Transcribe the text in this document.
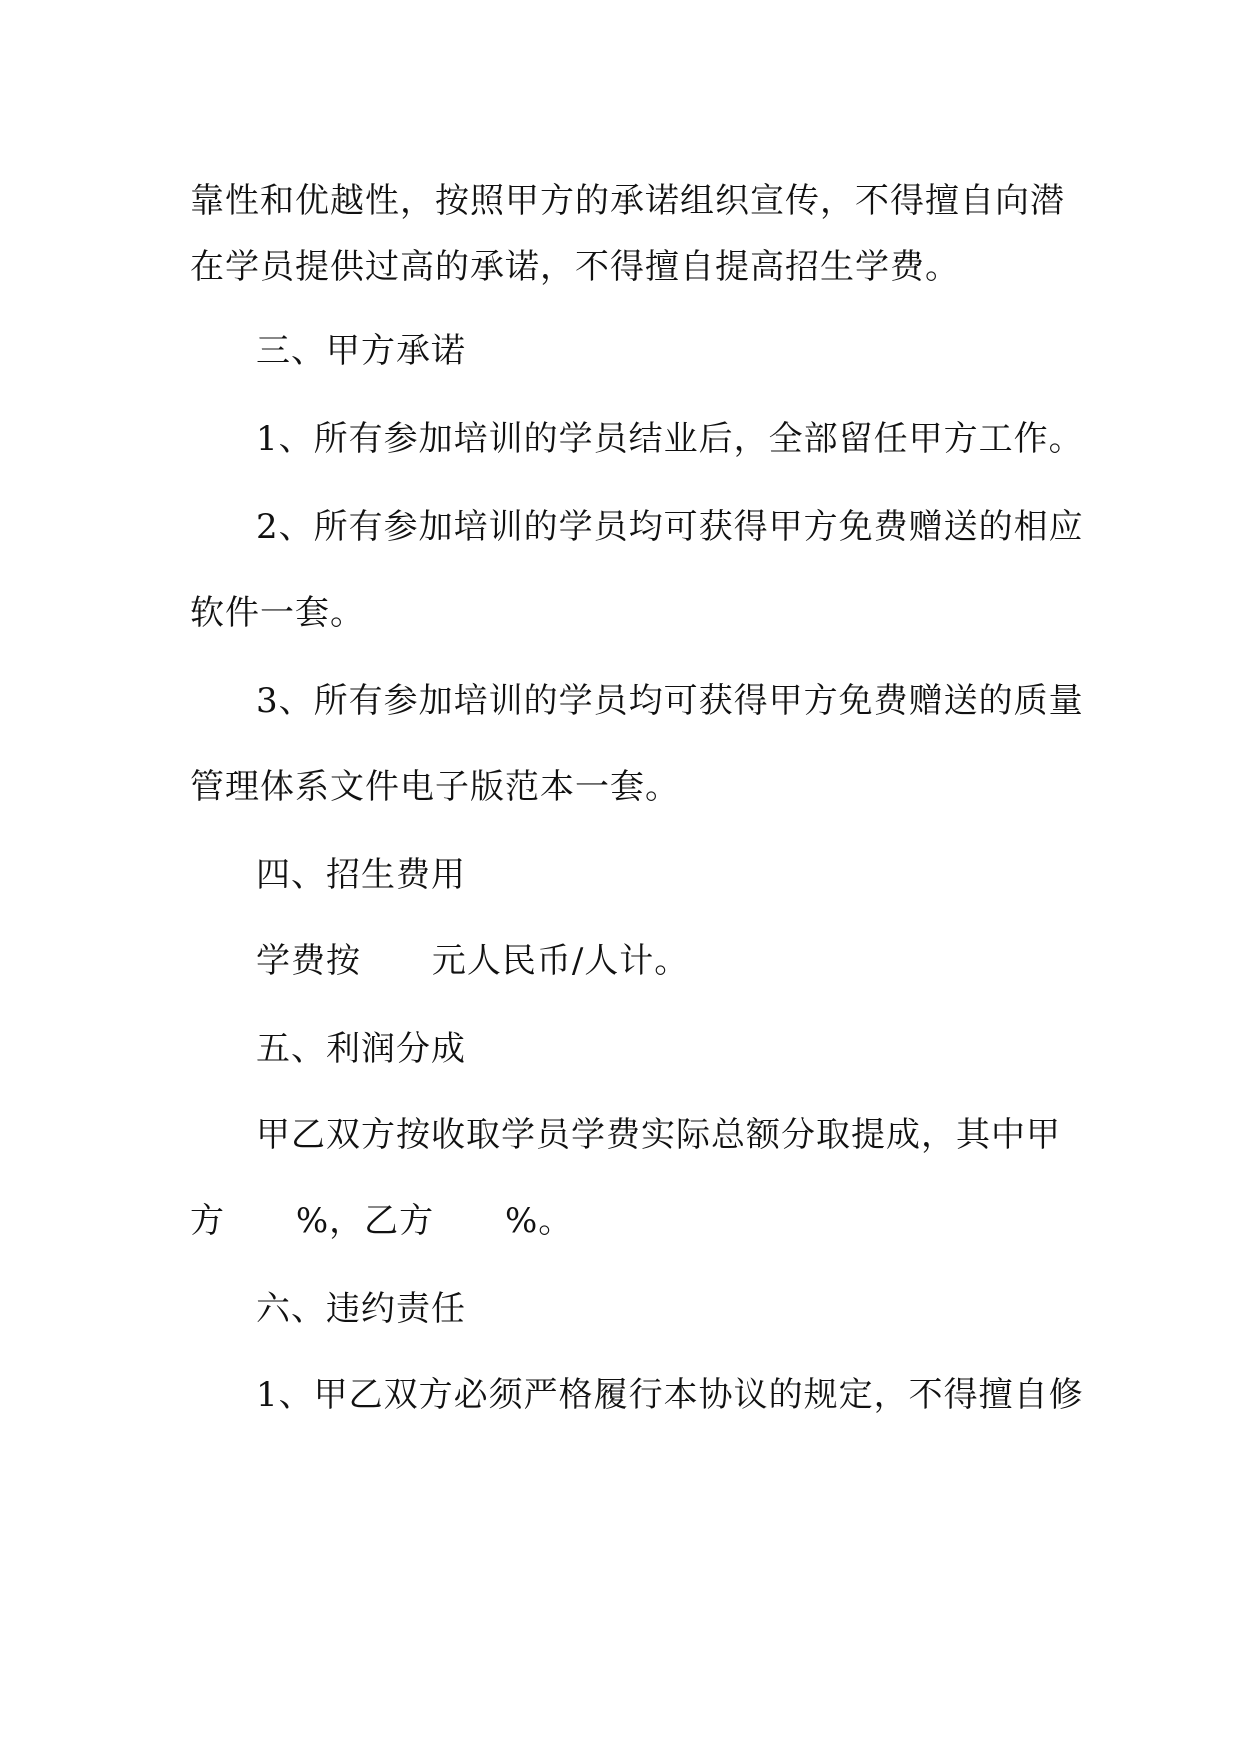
靠性和优越性，按照甲方的承诺组织宣传，不得擅自向潜

在学员提供过高的承诺，不得擅自提高招生学费。

三、甲方承诺

1、所有参加培训的学员结业后，全部留任甲方工作。

2、所有参加培训的学员均可获得甲方免费赠送的相应

软件一套。

3、所有参加培训的学员均可获得甲方免费赠送的质量

管理体系文件电子版范本一套。

四、招生费用

学费按      元人民币/人计。

五、利润分成

甲乙双方按收取学员学费实际总额分取提成，其中甲

方      %，乙方      %。

六、违约责任

1、甲乙双方必须严格履行本协议的规定，不得擅自修
